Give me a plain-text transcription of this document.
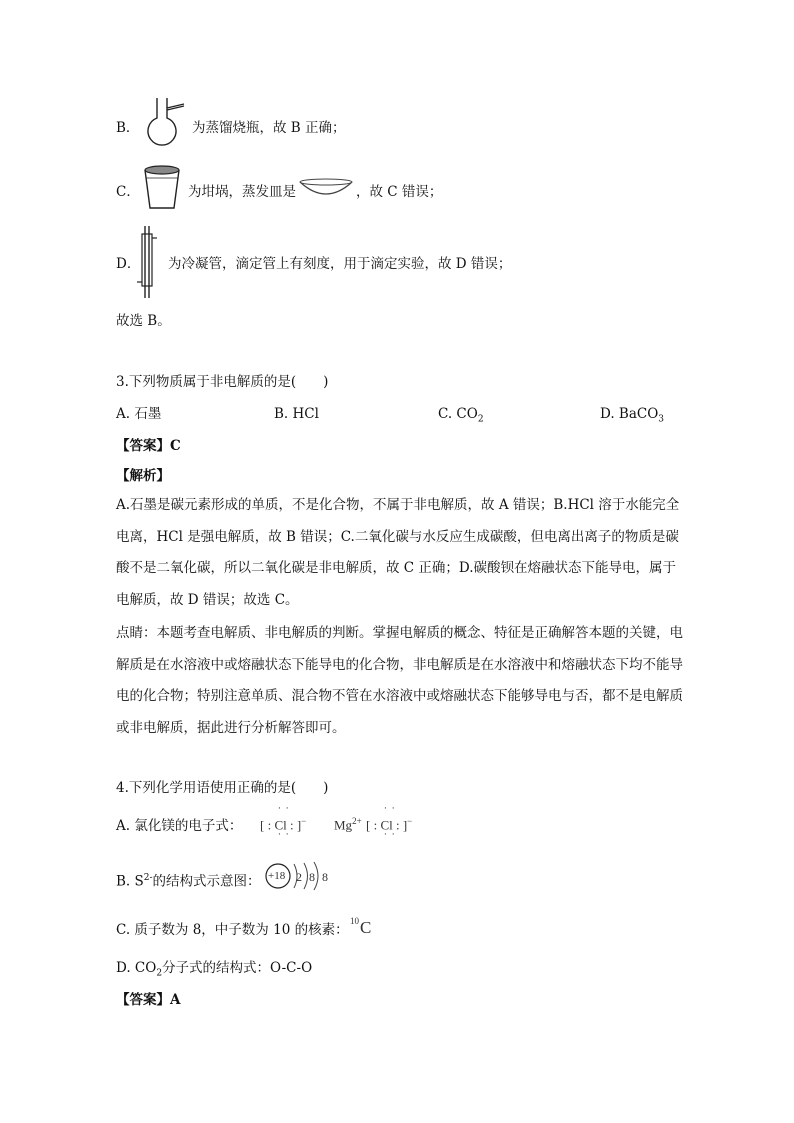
B．	为蒸馏烧瓶，故 B 正确；
C．	为坩埚，蒸发皿是	，故 C 错误；
D． 为冷凝管，滴定管上有刻度，用于滴定实验，故 D 错误；
故选 B。
3.下列物质属于非电解质的是(　　)
A. 石墨	B. HCl	C. $CO_2$	D. BaCO$_3$
【答案】C
【解析】
A.石墨是碳元素形成的单质，不是化合物，不属于非电解质，故 A 错误；B.HCl 溶于水能完全电离，HCl 是强电解质，故 B 错误；C.二氧化碳与水反应生成碳酸，但电离出离子的物质是碳酸不是二氧化碳，所以二氧化碳是非电解质，故 C 正确；D.碳酸钡在熔融状态下能导电，属于电解质，故 D 错误；故选 C。
点睛：本题考查电解质、非电解质的判断。掌握电解质的概念、特征是正确解答本题的关键，电解质是在水溶液中或熔融状态下能导电的化合物，非电解质是在水溶液中和熔融状态下均不能导电的化合物；特别注意单质、混合物不管在水溶液中或熔融状态下能够导电与否，都不是电解质或非电解质，据此进行分析解答即可。
4.下列化学用语使用正确的是(　　)
A. 氯化镁的电子式：
· ·
· ·
[ : Cl : ]− $Mg^{2+}$
· ·
· ·
[ : Cl : ]−
B. $S^{2-}$的结构式示意图： +18 2 8 8
C. 质子数为 8，中子数为 10 的核素：
10 C
D. $CO_2$分子式的结构式：O-C-O
【答案】A
